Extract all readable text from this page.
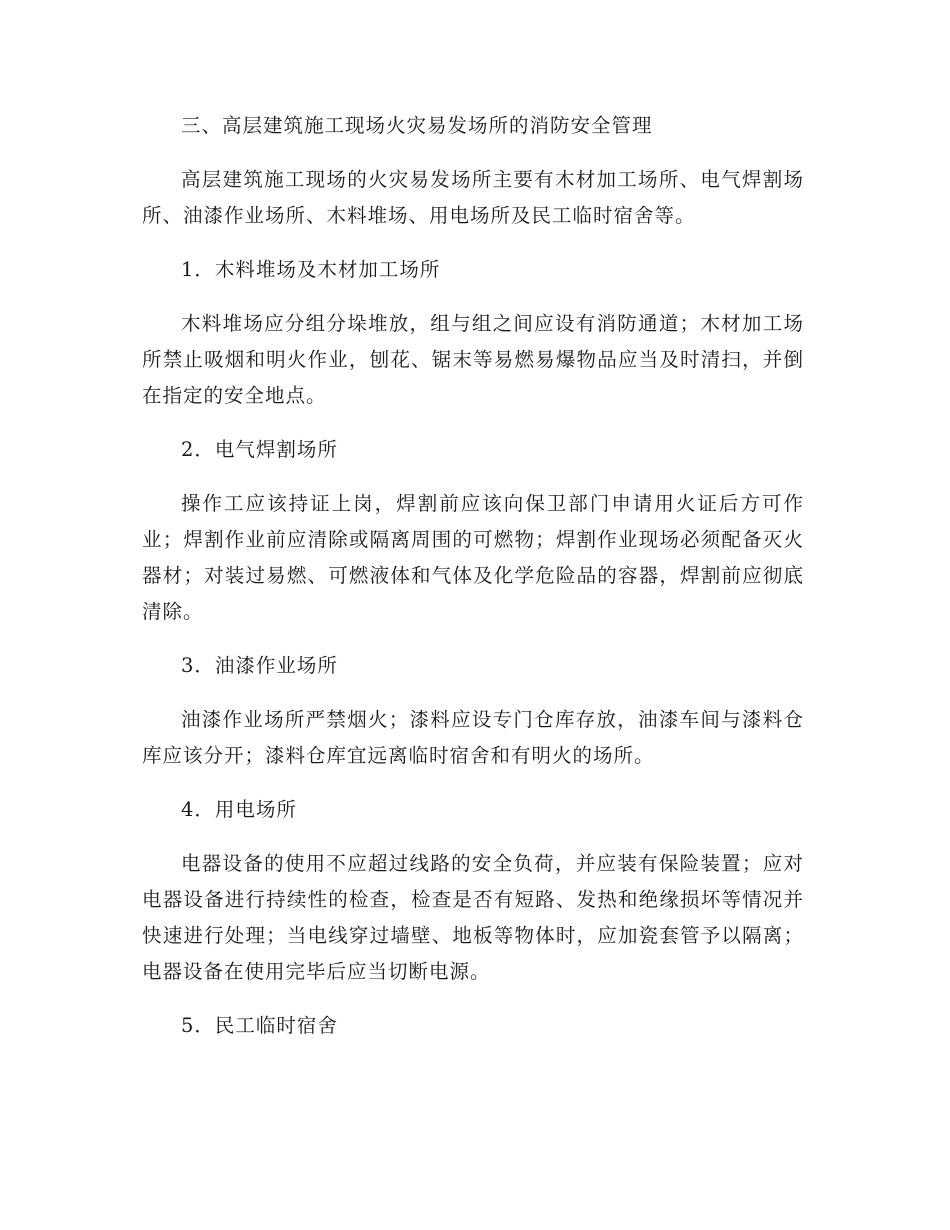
三、高层建筑施工现场火灾易发场所的消防安全管理

高层建筑施工现场的火灾易发场所主要有木材加工场所、电气焊割场所、油漆作业场所、木料堆场、用电场所及民工临时宿舍等。

1．木料堆场及木材加工场所

木料堆场应分组分垛堆放，组与组之间应设有消防通道；木材加工场所禁止吸烟和明火作业，刨花、锯末等易燃易爆物品应当及时清扫，并倒在指定的安全地点。

2．电气焊割场所

操作工应该持证上岗，焊割前应该向保卫部门申请用火证后方可作业；焊割作业前应清除或隔离周围的可燃物；焊割作业现场必须配备灭火器材；对装过易燃、可燃液体和气体及化学危险品的容器，焊割前应彻底清除。

3．油漆作业场所

油漆作业场所严禁烟火；漆料应设专门仓库存放，油漆车间与漆料仓库应该分开；漆料仓库宜远离临时宿舍和有明火的场所。

4．用电场所

电器设备的使用不应超过线路的安全负荷，并应装有保险装置；应对电器设备进行持续性的检查，检查是否有短路、发热和绝缘损坏等情况并快速进行处理；当电线穿过墙壁、地板等物体时，应加瓷套管予以隔离；电器设备在使用完毕后应当切断电源。

5．民工临时宿舍
